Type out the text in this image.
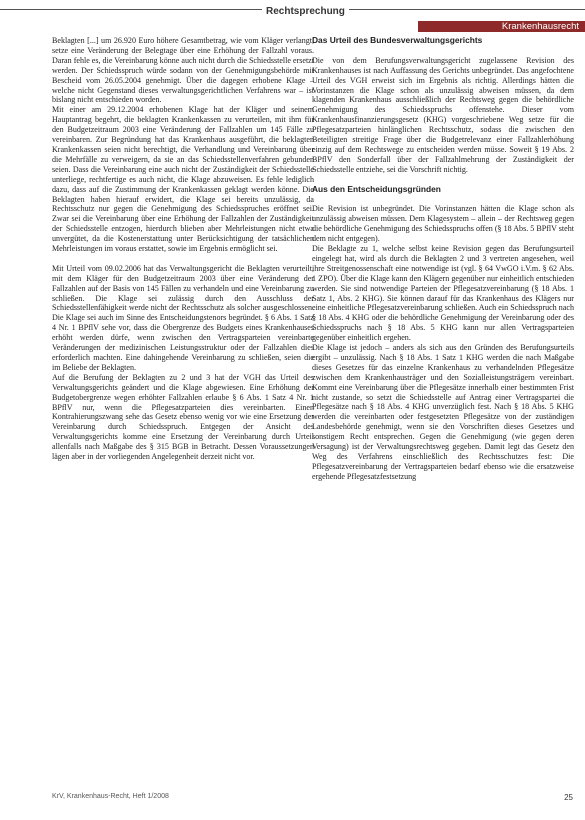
Rechtsprechung
Krankenhausrecht

Beklagten [...] um 26.920 Euro höhere Gesamtbetrag, wie vom Kläger verlangt, setze eine Veränderung der Belegtage über eine Erhöhung der Fallzahl voraus. Daran fehle es, die Vereinbarung könne auch nicht durch die Schiedsstelle ersetzt werden. Der Schiedsspruch würde sodann von der Genehmigungsbehörde mit Bescheid vom 26.05.2004 genehmigt. Über die dagegen erhobene Klage – welche nicht Gegenstand dieses verwaltungsgerichtlichen Verfahrens war – ist bislang nicht entschieden worden.

Mit einer am 29.12.2004 erhobenen Klage hat der Kläger und seinem Hauptantrag begehrt, die beklagten Krankenkassen zu verurteilen, mit ihm für den Budgetzeitraum 2003 eine Veränderung der Fallzahlen um 145 Fälle zu vereinbaren. Zur Begründung hat das Krankenhaus ausgeführt, die beklagten Krankenkassen seien nicht berechtigt, die Verhandlung und Vereinbarung über die Mehrfälle zu verweigern, da sie an das Schiedsstellenverfahren gebunden seien. Dass die Vereinbarung eine auch nicht der Zuständigkeit der Schiedsstelle unterliege, rechtfertige es auch nicht, die Klage abzuweisen. Es fehle lediglich dazu, dass auf die Zustimmung der Krankenkassen geklagt werden könne. Die Beklagten haben hierauf erwidert, die Klage sei bereits unzulässig, da Rechtsschutz nur gegen die Genehmigung des Schiedsspruches eröffnet sei. Zwar sei die Vereinbarung über eine Erhöhung der Fallzahlen der Zuständigkeit der Schiedsstelle entzogen, hierdurch blieben aber Mehrleistungen nicht etwa unvergütet, da die Kostenerstattung unter Berücksichtigung der tatsächlichen Mehrleistungen im voraus erstattet, sowie im Ergebnis ermöglicht sei.

Mit Urteil vom 09.02.2006 hat das Verwaltungsgericht die Beklagten verurteilt, mit dem Kläger für den Budgetzeitraum 2003 über eine Veränderung der Fallzahlen auf der Basis von 145 Fällen zu verhandeln und eine Vereinbarung zu schließen. Die Klage sei zulässig durch den Ausschluss der Schiedsstellenfähigkeit werde nicht der Rechtsschutz als solcher ausgeschlossen. Die Klage sei auch im Sinne des Entscheidungstenors begründet. § 6 Abs. 1 Satz 4 Nr. 1 BPflV sehe vor, dass die Obergrenze des Budgets eines Krankenhauses erhöht werden dürfe, wenn zwischen den Vertragsparteien vereinbarte Veränderungen der medizinischen Leistungsstruktur oder der Fallzahlen dies erforderlich machten. Eine dahingehende Vereinbarung zu schließen, seien die im Beliebe der Beklagten.

Auf die Berufung der Beklagten zu 2 und 3 hat der VGH das Urteil des Verwaltungsgerichts geändert und die Klage abgewiesen. Eine Erhöhung der Budgetobergrenze wegen erhöhter Fallzahlen erlaube § 6 Abs. 1 Satz 4 Nr. 1 BPflV nur, wenn die Pflegesatzparteien dies vereinbarten. Einen Kontrahierungszwang sehe das Gesetz ebenso wenig vor wie eine Ersetzung der Vereinbarung durch Schiedsspruch. Entgegen der Ansicht des Verwaltungsgerichts komme eine Ersetzung der Vereinbarung durch Urteil allenfalls nach Maßgabe des § 315 BGB in Betracht. Dessen Voraussetzungen lägen aber in der vorliegenden Angelegenheit derzeit nicht vor.

Das Urteil des Bundesverwaltungsgerichts

Die von dem Berufungsverwaltungsgericht zugelassene Revision des Krankenhauses ist nach Auffassung des Gerichts unbegründet. Das angefochtene Urteil des VGH erweist sich im Ergebnis als richtig. Allerdings hätten die Vorinstanzen die Klage schon als unzulässig abweisen müssen, da dem klagenden Krankenhaus ausschließlich der Rechtsweg gegen die behördliche Genehmigung des Schiedsspruchs offenstehe. Dieser vom Krankenhausfinanzierungsgesetz (KHG) vorgeschriebene Weg setze für die Pflegesatzparteien hinlänglichen Rechtsschutz, sodass die zwischen den Beteiligten streitige Frage über die Budgetrelevanz einer Fallzahlerhöhung einzig auf dem Rechtswege zu entscheiden werden müsse. Soweit § 19 Abs. 2 BPflV den Sonderfall über der Fallzahlmehrung der Zuständigkeit der Schiedsstelle entziehe, sei die Vorschrift nichtig.

Aus den Entscheidungsgründen

Die Revision ist unbegründet. Die Vorinstanzen hätten die Klage schon als unzulässig abweisen müssen. Dem Klagesystem – allein – der Rechtsweg gegen die behördliche Genehmigung des Schiedsspruchs offen (§ 18 Abs. 5 BPflV steht dem nicht entgegen).

Die Beklagte zu 1, welche selbst keine Revision gegen das Berufungsurteil eingelegt hat, wird als durch die Beklagten 2 und 3 vertreten angesehen, weil ihre Streitgenossenschaft eine notwendige ist (vgl. § 64 VwGO i.V.m. § 62 Abs. 1 ZPO). Über die Klage kann den Klägern gegenüber nur einheitlich entschieden werden. Sie sind notwendige Parteien der Pflegesatzvereinbarung (§ 18 Abs. 1 Satz 1, Abs. 2 KHG). Sie können darauf für das Krankenhaus des Klägers nur eine einheitliche Pflegesatzvereinbarung schließen. Auch ein Schiedsspruch nach § 18 Abs. 4 KHG oder die behördliche Genehmigung der Vereinbarung oder des Schiedsspruchs nach § 18 Abs. 5 KHG kann nur allen Vertragsparteien gegenüber einheitlich ergehen.

Die Klage ist jedoch – anders als sich aus den Gründen des Berufungsurteils ergibt – unzulässig. Nach § 18 Abs. 1 Satz 1 KHG werden die nach Maßgabe dieses Gesetzes für das einzelne Krankenhaus zu verhandelnden Pflegesätze zwischen dem Krankenhausträger und den Sozialleistungsträgern vereinbart. Kommt eine Vereinbarung über die Pflegesätze innerhalb einer bestimmten Frist nicht zustande, so setzt die Schiedsstelle auf Antrag einer Vertragspartei die Pflegesätze nach § 18 Abs. 4 KHG unverzüglich fest. Nach § 18 Abs. 5 KHG werden die vereinbarten oder festgesetzten Pflegesätze von der zuständigen Landesbehörde genehmigt, wenn sie den Vorschriften dieses Gesetzes und sonstigem Recht entsprechen. Gegen die Genehmigung (wie gegen deren Versagung) ist der Verwaltungsrechtsweg gegeben. Damit legt das Gesetz den Weg des Verfahrens einschließlich des Rechtsschutzes fest: Die Pflegesatzvereinbarung der Vertragsparteien bedarf ebenso wie die ersatzweise ergehende Pflegesatzfestsetzung

KrV, Krankenhaus-Recht, Heft 1/2008	25
